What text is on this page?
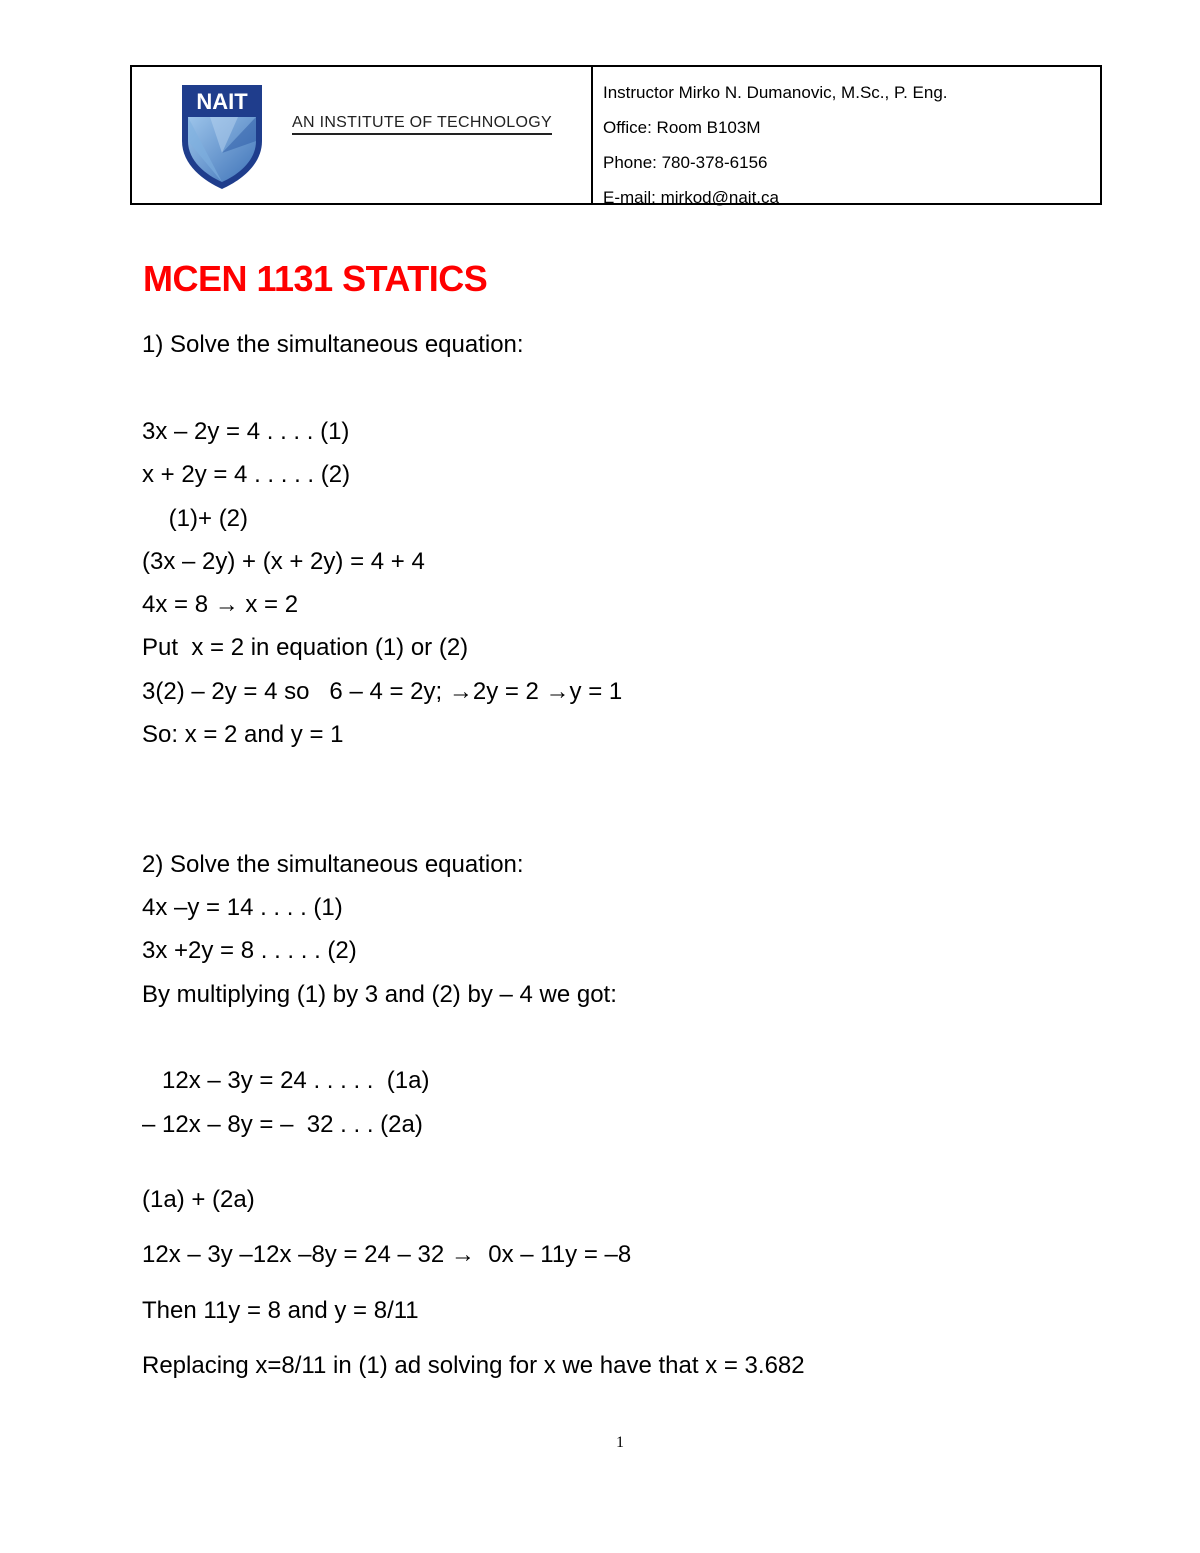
NAIT
AN INSTITUTE OF TECHNOLOGY
Instructor Mirko N. Dumanovic, M.Sc., P. Eng.
Office: Room B103M
Phone: 780-378-6156
E-mail: mirkod@nait.ca
MCEN 1131 STATICS
1) Solve the simultaneous equation:
3x – 2y = 4 . . . . (1)
x + 2y = 4 . . . . . (2)
(1)+ (2)
(3x – 2y) + (x + 2y) = 4 + 4
4x = 8 → x = 2
Put  x = 2 in equation (1) or (2)
3(2) – 2y = 4 so   6 – 4 = 2y; →2y = 2 →y = 1
So: x = 2 and y = 1
2) Solve the simultaneous equation:
4x –y = 14 . . . . (1)
3x +2y = 8 . . . . . (2)
By multiplying (1) by 3 and (2) by – 4 we got:
12x – 3y = 24 . . . . .  (1a)
– 12x – 8y = –  32 . . . (2a)
(1a) + (2a)
12x – 3y –12x –8y = 24 – 32 →  0x – 11y = –8
Then 11y = 8 and y = 8/11
Replacing x=8/11 in (1) ad solving for x we have that x = 3.682
1
